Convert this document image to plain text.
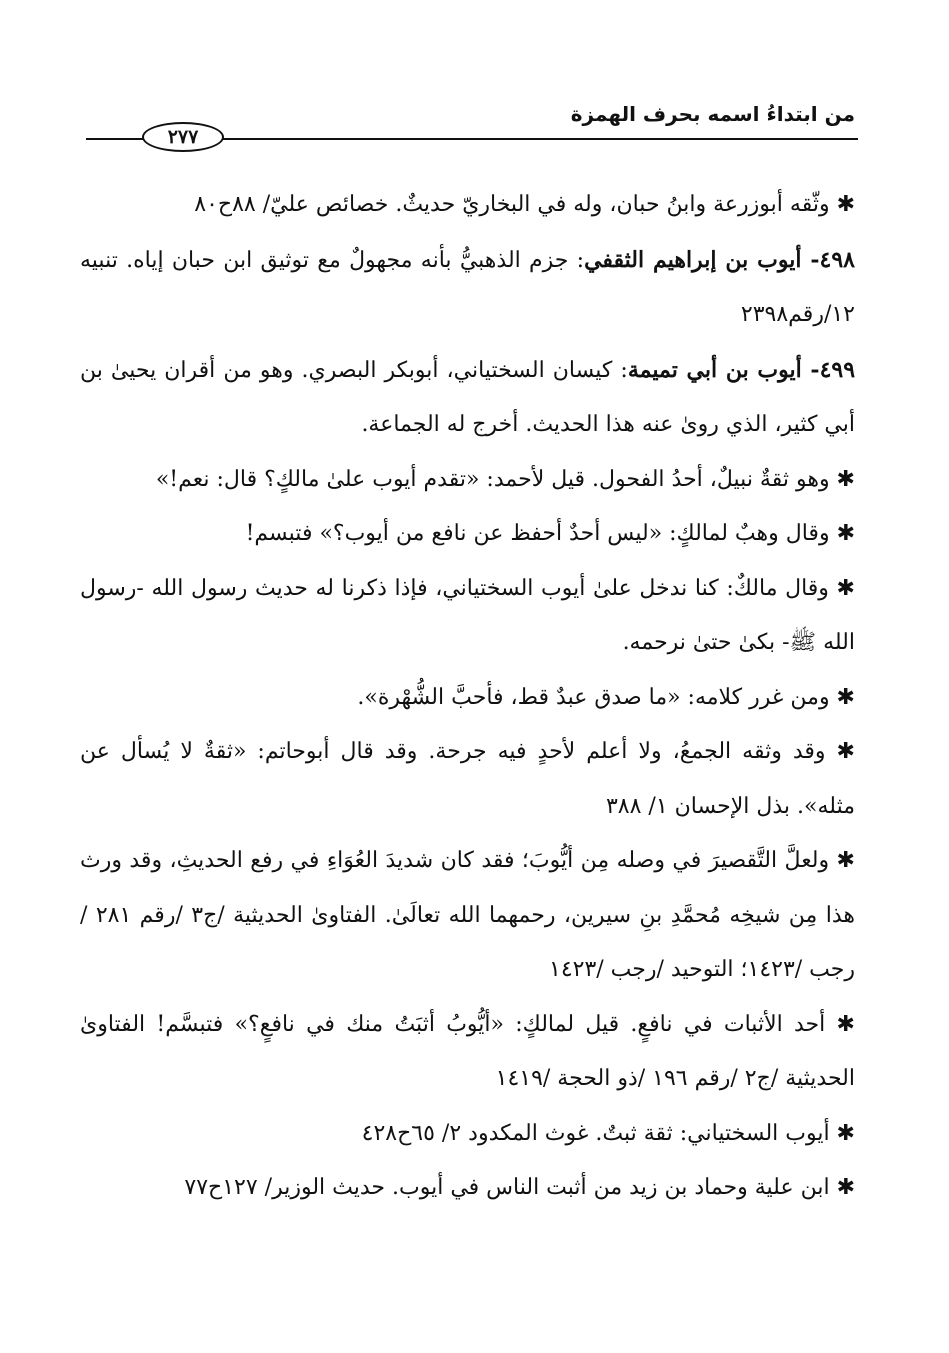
من ابتداءُ اسمه بحرف الهمزة
٢٧٧

✱ وثّقه أبوزرعة وابنُ حبان، وله في البخاريّ حديثٌ. خصائص عليّ/ ٨٨ح٨٠

٤٩٨- أيوب بن إبراهيم الثقفي: جزم الذهبيُّ بأنه مجهولٌ مع توثيق ابن حبان إياه. تنبيه ١٢/رقم٢٣٩٨

٤٩٩- أيوب بن أبي تميمة: كيسان السختياني، أبوبكر البصري. وهو من أقران يحيىٰ بن أبي كثير، الذي روىٰ عنه هذا الحديث. أخرج له الجماعة.

✱ وهو ثقةٌ نبيلٌ، أحدُ الفحول. قيل لأحمد: «تقدم أيوب علىٰ مالكٍ؟ قال: نعم!»

✱ وقال وهبٌ لمالكٍ: «ليس أحدٌ أحفظ عن نافع من أيوب؟» فتبسم!

✱ وقال مالكٌ: كنا ندخل علىٰ أيوب السختياني، فإذا ذكرنا له حديث رسول الله -رسول الله ﷺ- بكىٰ حتىٰ نرحمه.

✱ ومن غرر كلامه: «ما صدق عبدٌ قط، فأحبَّ الشُّهْرة».

✱ وقد وثقه الجمعُ، ولا أعلم لأحدٍ فيه جرحة. وقد قال أبوحاتم: «ثقةٌ لا يُسأل عن مثله». بذل الإحسان ١/ ٣٨٨

✱ ولعلَّ التَّقصيرَ في وصله مِن أيُّوبَ؛ فقد كان شديدَ العُوَاءِ في رفع الحديثِ، وقد ورث هذا مِن شيخِه مُحمَّدِ بنِ سيرين، رحمهما الله تعالَىٰ. الفتاوىٰ الحديثية /ج٣ /رقم ٢٨١ /رجب /١٤٢٣؛ التوحيد /رجب /١٤٢٣

✱ أحد الأثبات في نافعٍ. قيل لمالكٍ: «أيُّوبُ أثبَتُ منك في نافعٍ؟» فتبسَّم! الفتاوىٰ الحديثية /ج٢ /رقم ١٩٦ /ذو الحجة /١٤١٩

✱ أيوب السختياني: ثقة ثبتٌ. غوث المكدود ٢/ ٦٥ح٤٢٨

✱ ابن علية وحماد بن زيد من أثبت الناس في أيوب. حديث الوزير/ ١٢٧ح٧٧
